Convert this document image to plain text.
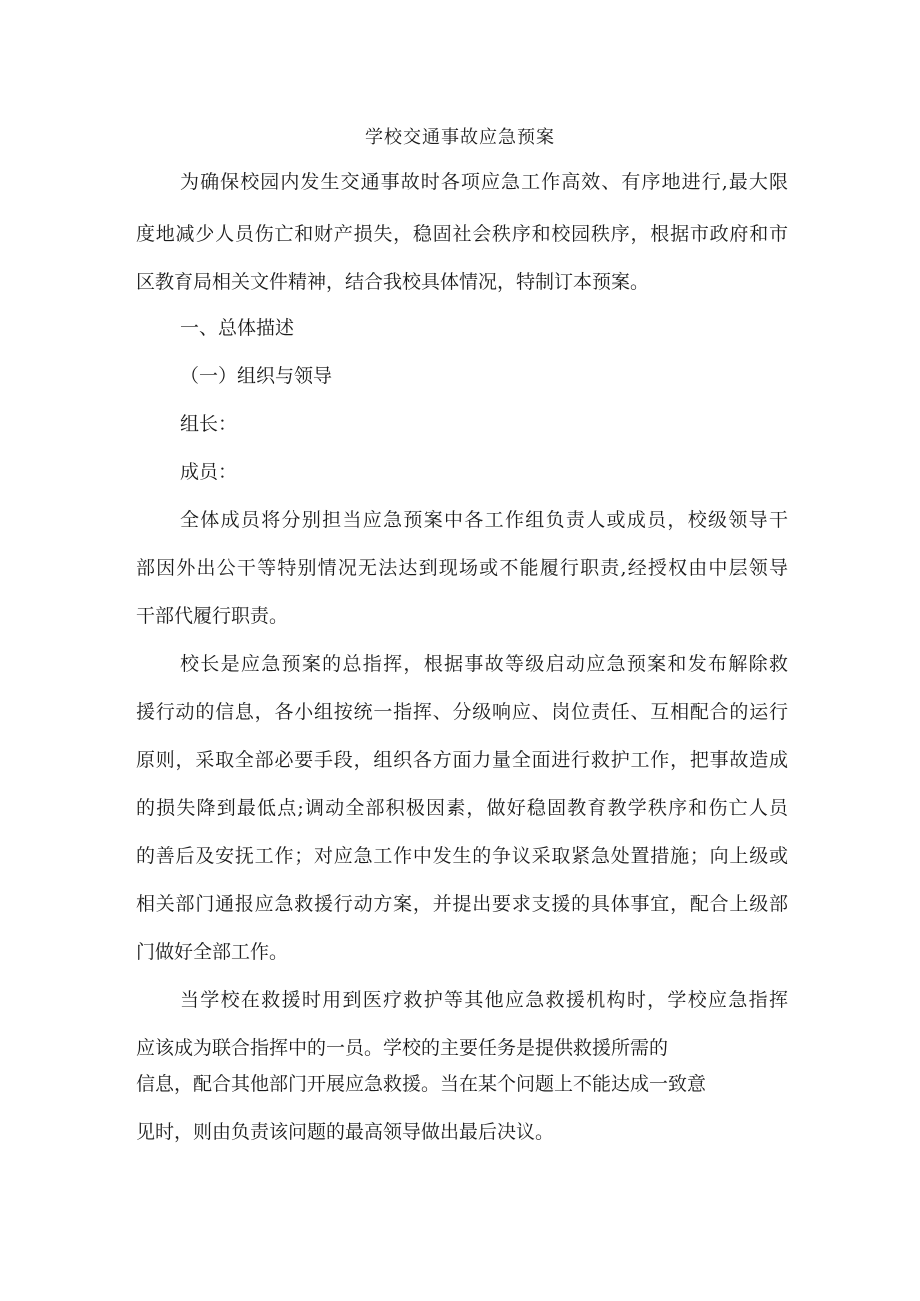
学校交通事故应急预案
为确保校园内发生交通事故时各项应急工作高效、有序地进行,最大限
度地减少人员伤亡和财产损失，稳固社会秩序和校园秩序，根据市政府和市
区教育局相关文件精神，结合我校具体情况，特制订本预案。
一、总体描述
（一）组织与领导
组长：
成员：
全体成员将分别担当应急预案中各工作组负责人或成员，校级领导干
部因外出公干等特别情况无法达到现场或不能履行职责,经授权由中层领导
干部代履行职责。
校长是应急预案的总指挥，根据事故等级启动应急预案和发布解除救
援行动的信息，各小组按统一指挥、分级响应、岗位责任、互相配合的运行
原则，采取全部必要手段，组织各方面力量全面进行救护工作，把事故造成
的损失降到最低点;调动全部积极因素，做好稳固教育教学秩序和伤亡人员
的善后及安抚工作；对应急工作中发生的争议采取紧急处置措施；向上级或
相关部门通报应急救援行动方案，并提出要求支援的具体事宜，配合上级部
门做好全部工作。
当学校在救援时用到医疗救护等其他应急救援机构时，学校应急指挥
应该成为联合指挥中的一员。学校的主要任务是提供救援所需的
信息，配合其他部门开展应急救援。当在某个问题上不能达成一致意
见时，则由负责该问题的最高领导做出最后决议。
